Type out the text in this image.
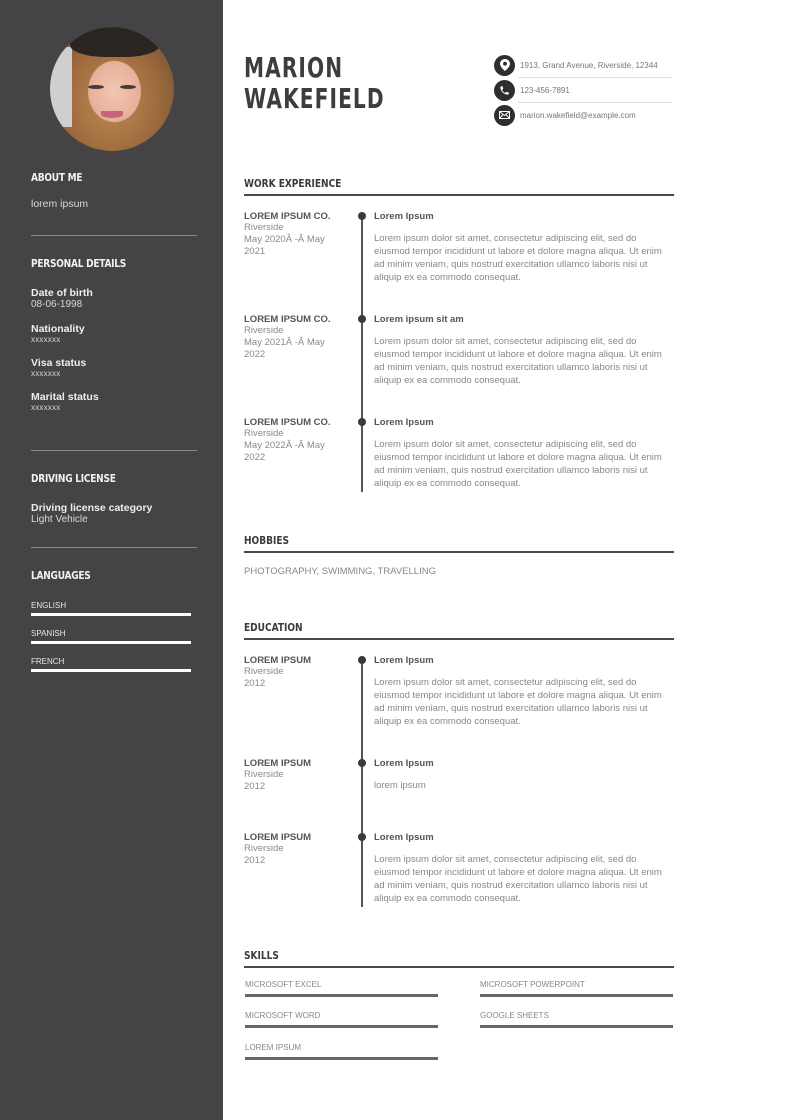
ABOUT ME
lorem ipsum
PERSONAL DETAILS
Date of birth
08-06-1998
Nationality
xxxxxxx
Visa status
xxxxxxx
Marital status
xxxxxxx
DRIVING LICENSE
Driving license category
Light Vehicle
LANGUAGES
ENGLISH
SPANISH
FRENCH
MARION
WAKEFIELD
1913, Grand Avenue, Riverside, 12344
123-456-7891
marion.wakefield@example.com
WORK EXPERIENCE
LOREM IPSUM CO.
Riverside
May 2020Â -Â May
2021
Lorem Ipsum
Lorem ipsum dolor sit amet, consectetur adipiscing elit, sed do eiusmod tempor incididunt ut labore et dolore magna aliqua. Ut enim ad minim veniam, quis nostrud exercitation ullamco laboris nisi ut aliquip ex ea commodo consequat.
LOREM IPSUM CO.
Riverside
May 2021Â -Â May
2022
Lorem ipsum sit am
Lorem ipsum dolor sit amet, consectetur adipiscing elit, sed do eiusmod tempor incididunt ut labore et dolore magna aliqua. Ut enim ad minim veniam, quis nostrud exercitation ullamco laboris nisi ut aliquip ex ea commodo consequat.
LOREM IPSUM CO.
Riverside
May 2022Â -Â May
2022
Lorem Ipsum
Lorem ipsum dolor sit amet, consectetur adipiscing elit, sed do eiusmod tempor incididunt ut labore et dolore magna aliqua. Ut enim ad minim veniam, quis nostrud exercitation ullamco laboris nisi ut aliquip ex ea commodo consequat.
HOBBIES
PHOTOGRAPHY, SWIMMING, TRAVELLING
EDUCATION
LOREM IPSUM
Riverside
2012
Lorem Ipsum
Lorem ipsum dolor sit amet, consectetur adipiscing elit, sed do eiusmod tempor incididunt ut labore et dolore magna aliqua. Ut enim ad minim veniam, quis nostrud exercitation ullamco laboris nisi ut aliquip ex ea commodo consequat.
LOREM IPSUM
Riverside
2012
Lorem Ipsum
lorem ipsum
LOREM IPSUM
Riverside
2012
Lorem Ipsum
Lorem ipsum dolor sit amet, consectetur adipiscing elit, sed do eiusmod tempor incididunt ut labore et dolore magna aliqua. Ut enim ad minim veniam, quis nostrud exercitation ullamco laboris nisi ut aliquip ex ea commodo consequat.
SKILLS
MICROSOFT EXCEL	MICROSOFT POWERPOINT
MICROSOFT WORD	GOOGLE SHEETS
LOREM IPSUM
